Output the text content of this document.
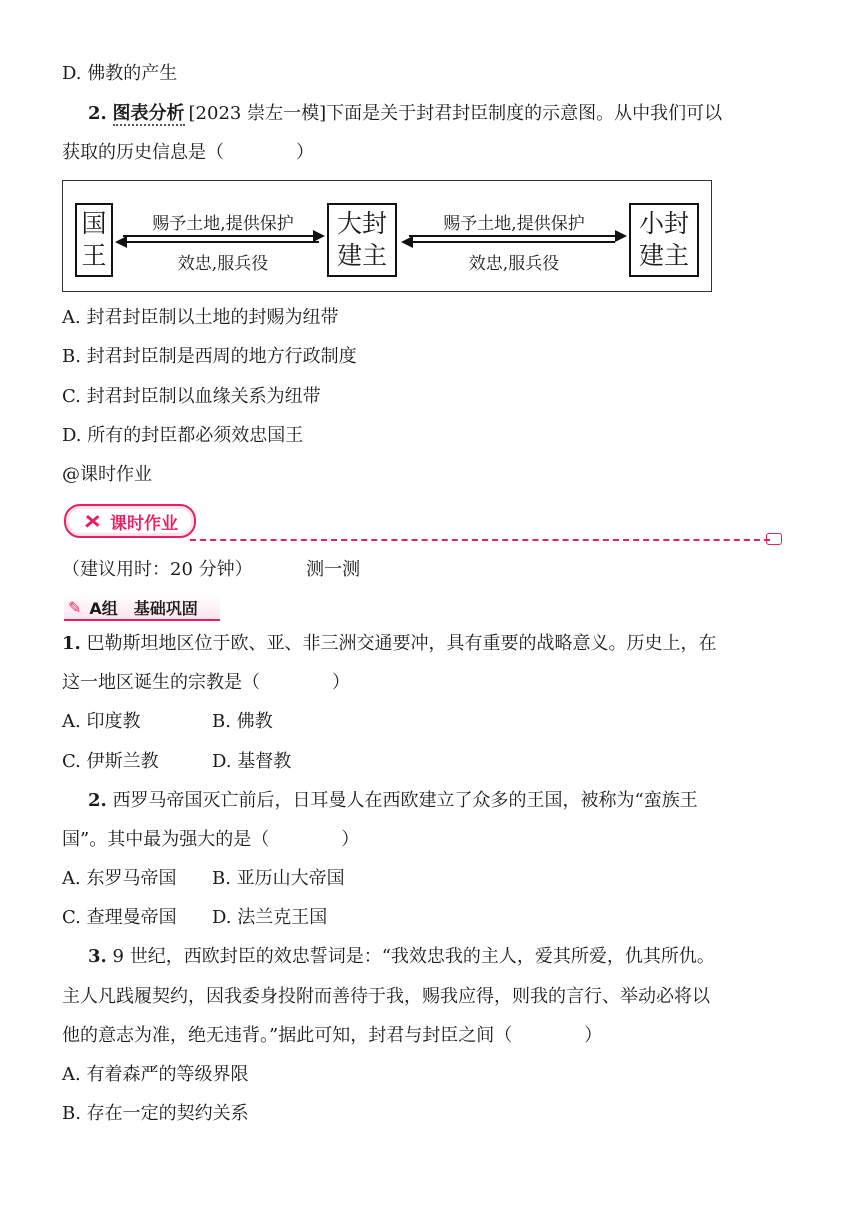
D. 佛教的产生
2. 图表分析 [2023 崇左一模]下面是关于封君封臣制度的示意图。从中我们可以
获取的历史信息是（	）
国
王
大封
建主
小封
建主
赐予土地,提供保护
效忠,服兵役
赐予土地,提供保护
效忠,服兵役
A. 封君封臣制以土地的封赐为纽带
B. 封君封臣制是西周的地方行政制度
C. 封君封臣制以血缘关系为纽带
D. 所有的封臣都必须效忠国王
@课时作业
课时作业
（建议用时：20 分钟）	测一测
✎ A组　基础巩固
1. 巴勒斯坦地区位于欧、亚、非三洲交通要冲，具有重要的战略意义。历史上，在
这一地区诞生的宗教是（	）
A. 印度教	B. 佛教
C. 伊斯兰教	D. 基督教
2. 西罗马帝国灭亡前后，日耳曼人在西欧建立了众多的王国，被称为“蛮族王
国”。其中最为强大的是（	）
A. 东罗马帝国 B. 亚历山大帝国
C. 查理曼帝国 D. 法兰克王国
3. 9 世纪，西欧封臣的效忠誓词是：“我效忠我的主人，爱其所爱，仇其所仇。
主人凡践履契约，因我委身投附而善待于我，赐我应得，则我的言行、举动必将以
他的意志为准，绝无违背。”据此可知，封君与封臣之间（	）
A. 有着森严的等级界限
B. 存在一定的契约关系
